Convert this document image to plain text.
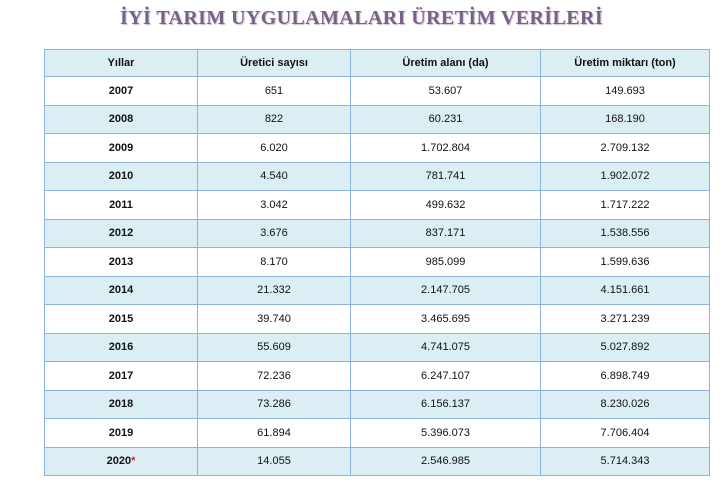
İYİ TARIM UYGULAMALARI ÜRETİM VERİLERİ
Yıllar	Üretici sayısı	Üretim alanı (da)	Üretim miktarı (ton)
2007	651	53.607	149.693
2008	822	60.231	168.190
2009	6.020	1.702.804	2.709.132
2010	4.540	781.741	1.902.072
2011	3.042	499.632	1.717.222
2012	3.676	837.171	1.538.556
2013	8.170	985.099	1.599.636
2014	21.332	2.147.705	4.151.661
2015	39.740	3.465.695	3.271.239
2016	55.609	4.741.075	5.027.892
2017	72.236	6.247.107	6.898.749
2018	73.286	6.156.137	8.230.026
2019	61.894	5.396.073	7.706.404
2020*	14.055	2.546.985	5.714.343
